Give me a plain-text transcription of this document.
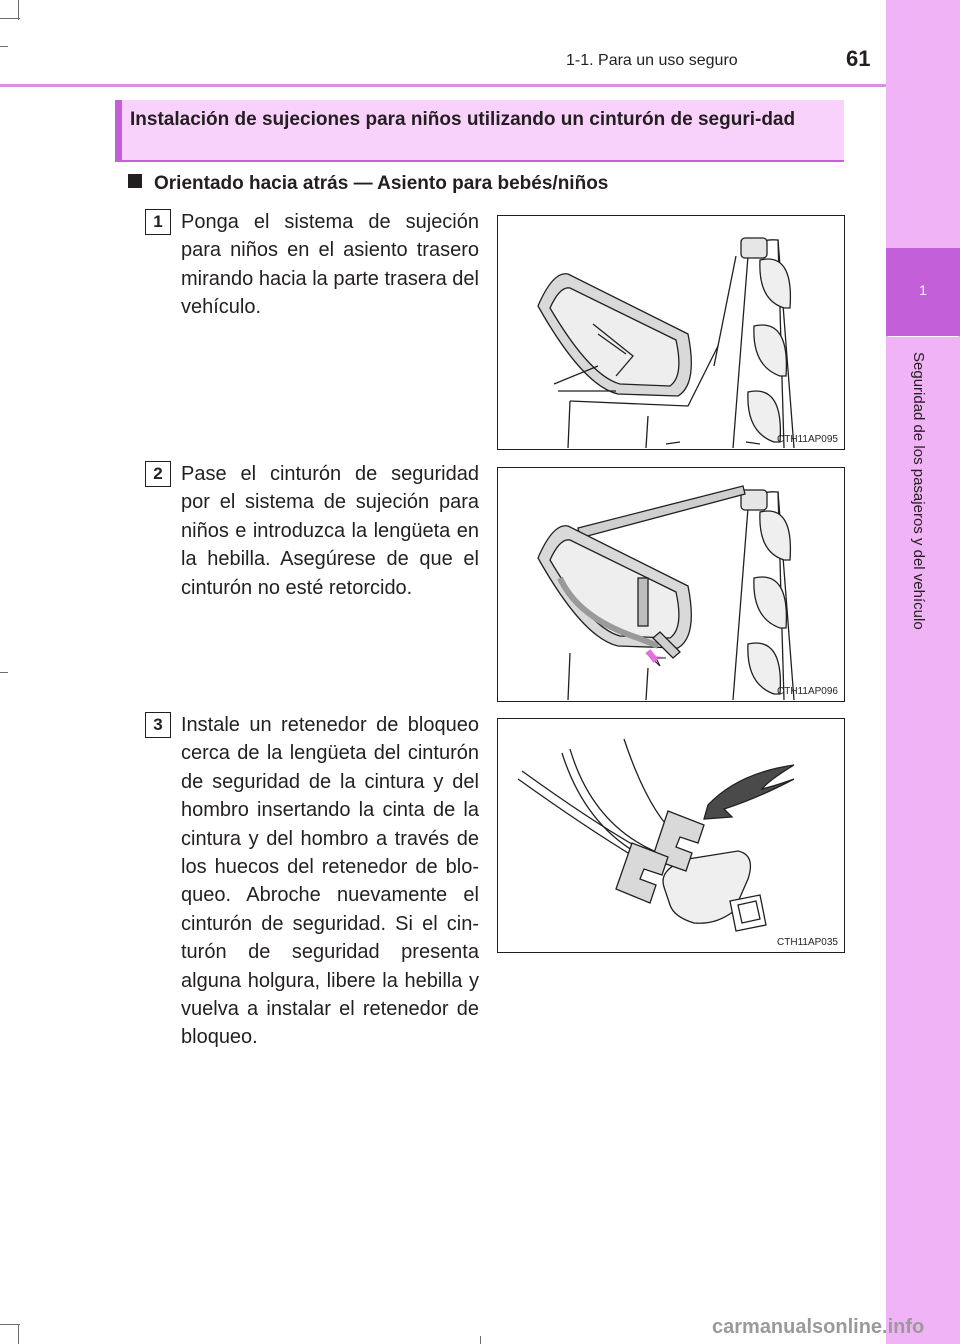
1-1. Para un uso seguro	61
1
Seguridad de los pasajeros y del vehículo
Instalación de sujeciones para niños utilizando un cinturón de seguri-dad
Orientado hacia atrás — Asiento para bebés/niños
1 Ponga el sistema de sujeción para niños en el asiento trasero mirando hacia la parte trasera del vehículo.
CTH11AP095
2 Pase el cinturón de seguridad por el sistema de sujeción para niños e introduzca la lengüeta en la hebilla. Asegúrese de que el cinturón no esté retorcido.
CTH11AP096
3 Instale un retenedor de bloqueo cerca de la lengüeta del cinturón de seguridad de la cintura y del hombro insertando la cinta de la cintura y del hombro a través de los huecos del retenedor de blo-queo. Abroche nuevamente el cinturón de seguridad. Si el cin-turón de seguridad presenta alguna holgura, libere la hebilla y vuelva a instalar el retenedor de bloqueo.
CTH11AP035
carmanualsonline.info
